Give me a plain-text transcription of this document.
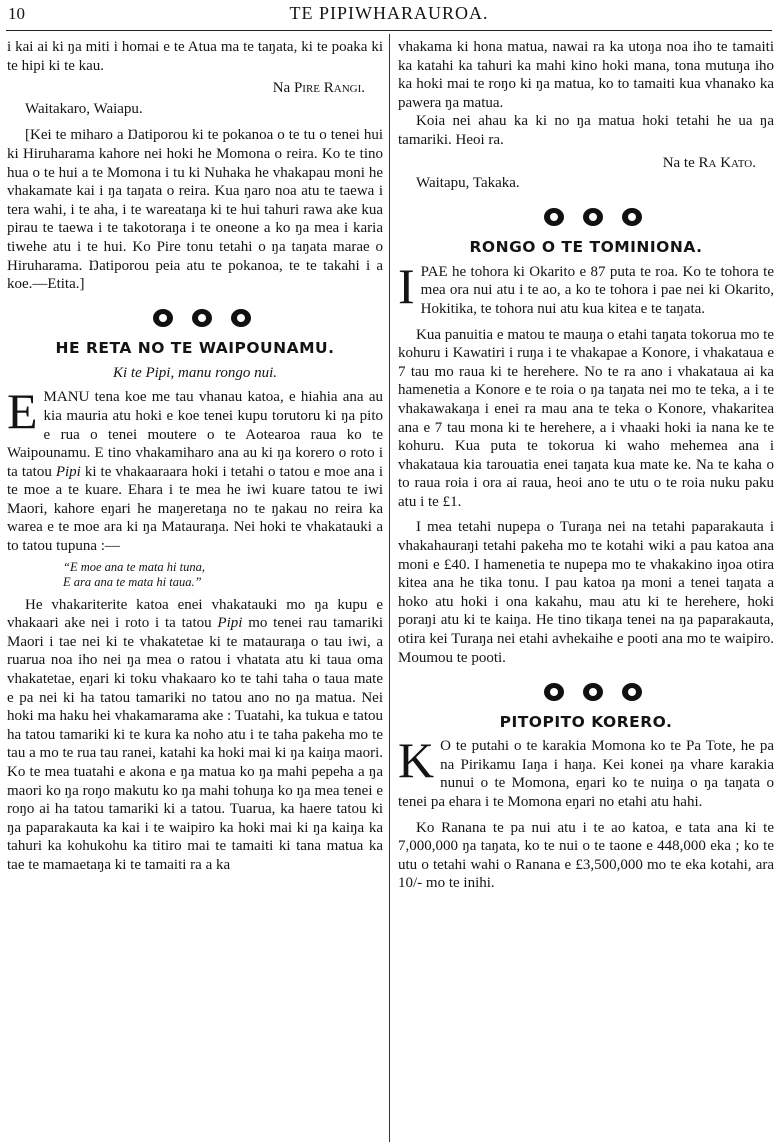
10	TE PIPIWHARAUROA.

i kai ai ki ŋa miti i homai e te Atua ma te taŋata, ki te poaka ki te hipi ki te kau.

Na Pire Rangi.
Waitakaro, Waiapu.

[Kei te miharo a Ŋatiporou ki te pokanoa o te tu o tenei hui ki Hiruharama kahore nei hoki he Momona o reira. Ko te tino hua o te hui a te Momona i tu ki Nuhaka he vhakapau moni he vhakamate kai i ŋa taŋata o reira. Kua ŋaro noa atu te taewa i tera wahi, i te aha, i te wareataŋa ki te hui tahuri rawa ake kua pirau te taewa i te takotoraŋa i te oneone a ko ŋa mea i karia tiwehe atu i te hui. Ko Pire tonu tetahi o ŋa taŋata marae o Hiruharama. Ŋatiporou peia atu te pokanoa, te te takahi i a koe.—Etita.]

HE RETA NO TE WAIPOUNAMU.
Ki te Pipi, manu rongo nui.

EMANU tena koe me tau vhanau katoa, e hiahia ana au kia mauria atu hoki e koe tenei kupu torutoru ki ŋa pito e rua o tenei moutere o te Aotearoa raua ko te Waipounamu. E tino vhakamiharo ana au ki ŋa korero o roto i ta tatou Pipi ki te vhakaaraara hoki i tetahi o tatou e moe ana i te moe a te kuare. Ehara i te mea he iwi kuare tatou te iwi Maori, kahore eŋari he maŋeretaŋa no te ŋakau no reira ka warea e te moe ara ki ŋa Matauraŋa. Nei hoki te vhakatauki a to tatou tupuna :—

“E moe ana te mata hi tuna,
E ara ana te mata hi taua.”

He vhakariterite katoa enei vhakatauki mo ŋa kupu e vhakaari ake nei i roto i ta tatou Pipi mo tenei rau tamariki Maori i tae nei ki te vhakatetae ki te matauraŋa o tau iwi, a ruarua noa iho nei ŋa mea o ratou i vhatata atu ki taua oma vhakatetae, eŋari ki toku vhakaaro ko te tahi taha o taua mate e pa nei ki ha tatou tamariki no tatou ano no ŋa matua. Nei hoki ma haku hei vhakamarama ake : Tuatahi, ka tukua e tatou ha tatou tamariki ki te kura ka noho atu i te taha pakeha mo te tau a mo te rua tau ranei, katahi ka hoki mai ki ŋa kaiŋa maori. Ko te mea tuatahi e akona e ŋa matua ko ŋa mahi pepeha a ŋa maori ko ŋa roŋo makutu ko ŋa mahi tohuŋa ko ŋa mea tenei e roŋo ai ha tatou tamariki ki a tatou. Tuarua, ka haere tatou ki ŋa paparakauta ka kai i te waipiro ka hoki mai ki ŋa kaiŋa ka tahuri ka kohukohu ka titiro mai te tamaiti ki tana matua ka tae te mamaetaŋa ki te tamaiti ra a ka

vhakama ki hona matua, nawai ra ka utoŋa noa iho te tamaiti ka katahi ka tahuri ka mahi kino hoki mana, tona mutuŋa iho ka hoki mai te roŋo ki ŋa matua, ko to tamaiti kua vhanako ka pawera ŋa matua.

Koia nei ahau ka ki no ŋa matua hoki tetahi he ua ŋa tamariki. Heoi ra.

Na te Ra Kato.
Waitapu, Takaka.

RONGO O TE TOMINIONA.

IPAE he tohora ki Okarito e 87 puta te roa. Ko te tohora te mea ora nui atu i te ao, a ko te tohora i pae nei ki Okarito, Hokitika, te tohora nui atu kua kitea e te taŋata.

Kua panuitia e matou te mauŋa o etahi taŋata tokorua mo te kohuru i Kawatiri i ruŋa i te vhakapae a Konore, i vhakataua e 7 tau mo raua ki te herehere. No te ra ano i vhakataua ai ka hamenetia a Konore e te roia o ŋa taŋata nei mo te teka, a i te vhakawakaŋa i enei ra mau ana te teka o Konore, vhakaritea ana e 7 tau mona ki te herehere, a i vhaaki hoki ia nana ke te kohuru. Kua puta te tokorua ki waho mehemea ana i vhakataua kia tarouatia enei taŋata kua mate ke. Na te kaha o to raua roia i ora ai raua, heoi ano te utu o te roia nuku paku atu i te £1.

I mea tetahi nupepa o Turaŋa nei na tetahi paparakauta i vhakahauraŋi tetahi pakeha mo te kotahi wiki a pau katoa ana moni e £40. I hamenetia te nupepa mo te vhakakino iŋoa otira kitea ana he tika tonu. I pau katoa ŋa moni a tenei taŋata a hoko atu hoki i ona kakahu, mau atu ki te herehere, hoki poraŋi atu ki te kaiŋa. He tino tikaŋa tenei na ŋa paparakauta, otira kei Turaŋa nei etahi avhekaihe e pooti ana mo te waipiro. Moumou te pooti.

PITOPITO KORERO.

K O te putahi o te karakia Momona ko te Pa Tote, he pa na Pirikamu Iaŋa i haŋa. Kei konei ŋa vhare karakia nunui o te Momona, eŋari ko te nuiŋa o ŋa taŋata o tenei pa ehara i te Momona eŋari no etahi atu hahi.

Ko Ranana te pa nui atu i te ao katoa, e tata ana ki te 7,000,000 ŋa taŋata, ko te nui o te taone e 448,000 eka ; ko te utu o tetahi wahi o Ranana e £3,500,000 mo te eka kotahi, ara 10/- mo te inihi.
